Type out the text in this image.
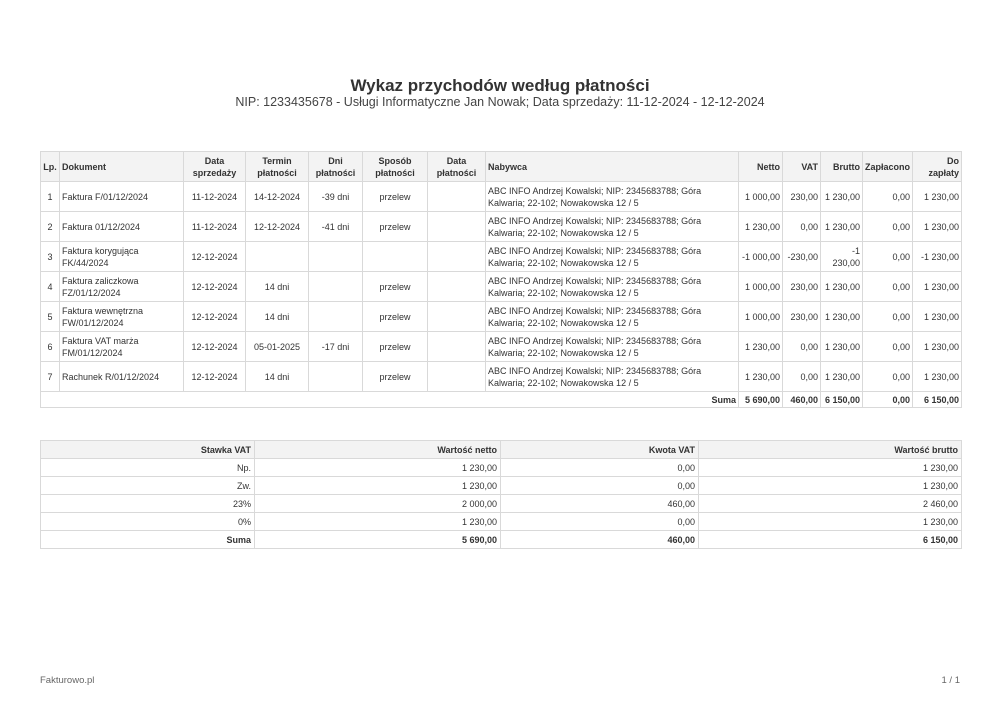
Wykaz przychodów według płatności
NIP: 1233435678 - Usługi Informatyczne Jan Nowak; Data sprzedaży: 11-12-2024 - 12-12-2024
Lp.	Dokument	Data sprzedaży	Termin płatności	Dni płatności	Sposób płatności	Data płatności	Nabywca	Netto	VAT	Brutto	Zapłacono	Do zapłaty
1	Faktura F/01/12/2024	11-12-2024	14-12-2024	-39 dni	przelew		ABC INFO Andrzej Kowalski; NIP: 2345683788; Góra Kalwaria; 22-102; Nowakowska 12 / 5	1 000,00	230,00	1 230,00	0,00	1 230,00
2	Faktura 01/12/2024	11-12-2024	12-12-2024	-41 dni	przelew		ABC INFO Andrzej Kowalski; NIP: 2345683788; Góra Kalwaria; 22-102; Nowakowska 12 / 5	1 230,00	0,00	1 230,00	0,00	1 230,00
3	Faktura korygująca FK/44/2024	12-12-2024					ABC INFO Andrzej Kowalski; NIP: 2345683788; Góra Kalwaria; 22-102; Nowakowska 12 / 5	-1 000,00	-230,00	-1 230,00	0,00	-1 230,00
4	Faktura zaliczkowa FZ/01/12/2024	12-12-2024	14 dni		przelew		ABC INFO Andrzej Kowalski; NIP: 2345683788; Góra Kalwaria; 22-102; Nowakowska 12 / 5	1 000,00	230,00	1 230,00	0,00	1 230,00
5	Faktura wewnętrzna FW/01/12/2024	12-12-2024	14 dni		przelew		ABC INFO Andrzej Kowalski; NIP: 2345683788; Góra Kalwaria; 22-102; Nowakowska 12 / 5	1 000,00	230,00	1 230,00	0,00	1 230,00
6	Faktura VAT marża FM/01/12/2024	12-12-2024	05-01-2025	-17 dni	przelew		ABC INFO Andrzej Kowalski; NIP: 2345683788; Góra Kalwaria; 22-102; Nowakowska 12 / 5	1 230,00	0,00	1 230,00	0,00	1 230,00
7	Rachunek R/01/12/2024	12-12-2024	14 dni		przelew		ABC INFO Andrzej Kowalski; NIP: 2345683788; Góra Kalwaria; 22-102; Nowakowska 12 / 5	1 230,00	0,00	1 230,00	0,00	1 230,00
Suma								5 690,00	460,00	6 150,00	0,00	6 150,00
Stawka VAT	Wartość netto	Kwota VAT	Wartość brutto
Np.	1 230,00	0,00	1 230,00
Zw.	1 230,00	0,00	1 230,00
23%	2 000,00	460,00	2 460,00
0%	1 230,00	0,00	1 230,00
Suma	5 690,00	460,00	6 150,00
Fakturowo.pl	1 / 1
